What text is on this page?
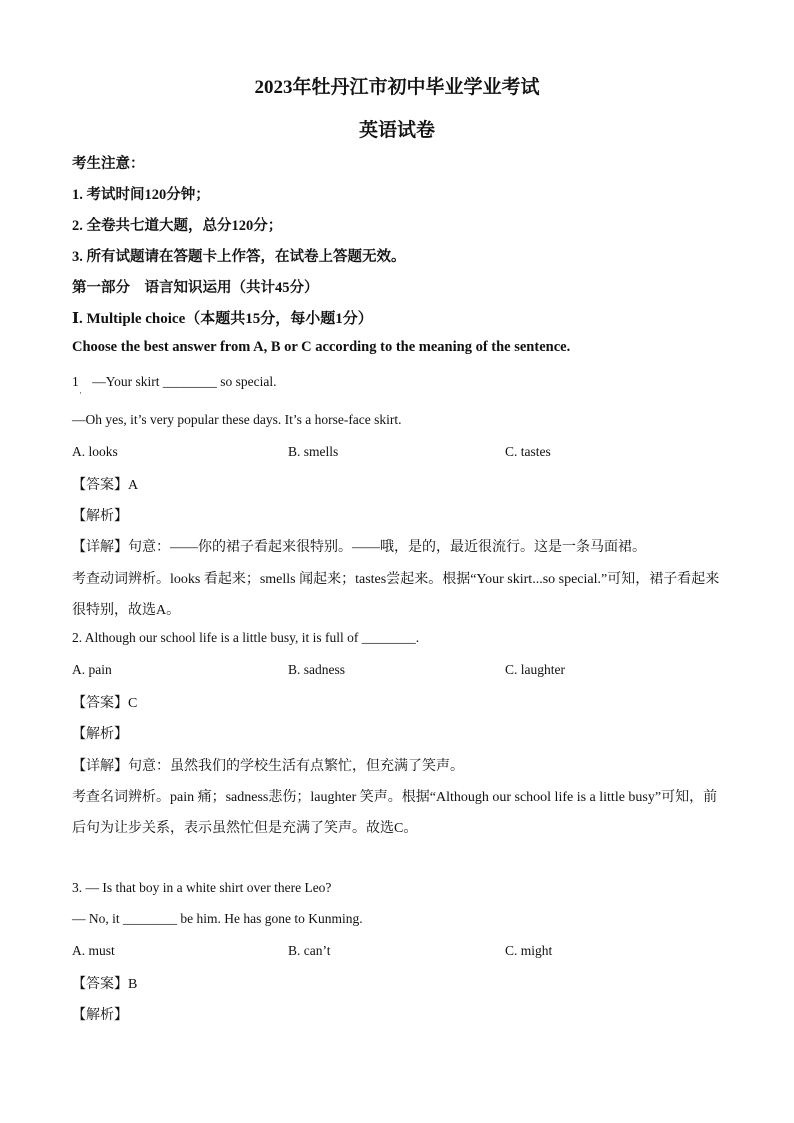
2023年牡丹江市初中毕业学业考试
英语试卷
考生注意：
1. 考试时间120分钟；
2. 全卷共七道大题，总分120分；
3. 所有试题请在答题卡上作答，在试卷上答题无效。
第一部分　语言知识运用（共计45分）
Ⅰ. Multiple choice（本题共15分，每小题1分）
Choose the best answer from A, B or C according to the meaning of the sentence.
1　—Your skirt ________ so special.
·
—Oh yes, it’s very popular these days. It’s a horse-face skirt.
A. looks	B. smells	C. tastes
【答案】A
【解析】
【详解】句意：——你的裙子看起来很特别。——哦，是的，最近很流行。这是一条马面裙。
考查动词辨析。looks 看起来；smells 闻起来；tastes尝起来。根据“Your skirt...so special.”可知，裙子看起来
很特别，故选A。
2. Although our school life is a little busy, it is full of ________.
A. pain	B. sadness	C. laughter
【答案】C
【解析】
【详解】句意：虽然我们的学校生活有点繁忙，但充满了笑声。
考查名词辨析。pain 痛；sadness悲伤；laughter 笑声。根据“Although our school life is a little busy”可知，前
后句为让步关系，表示虽然忙但是充满了笑声。故选C。
3. — Is that boy in a white shirt over there Leo?
— No, it ________ be him. He has gone to Kunming.
A. must	B. can’t	C. might
【答案】B
【解析】
